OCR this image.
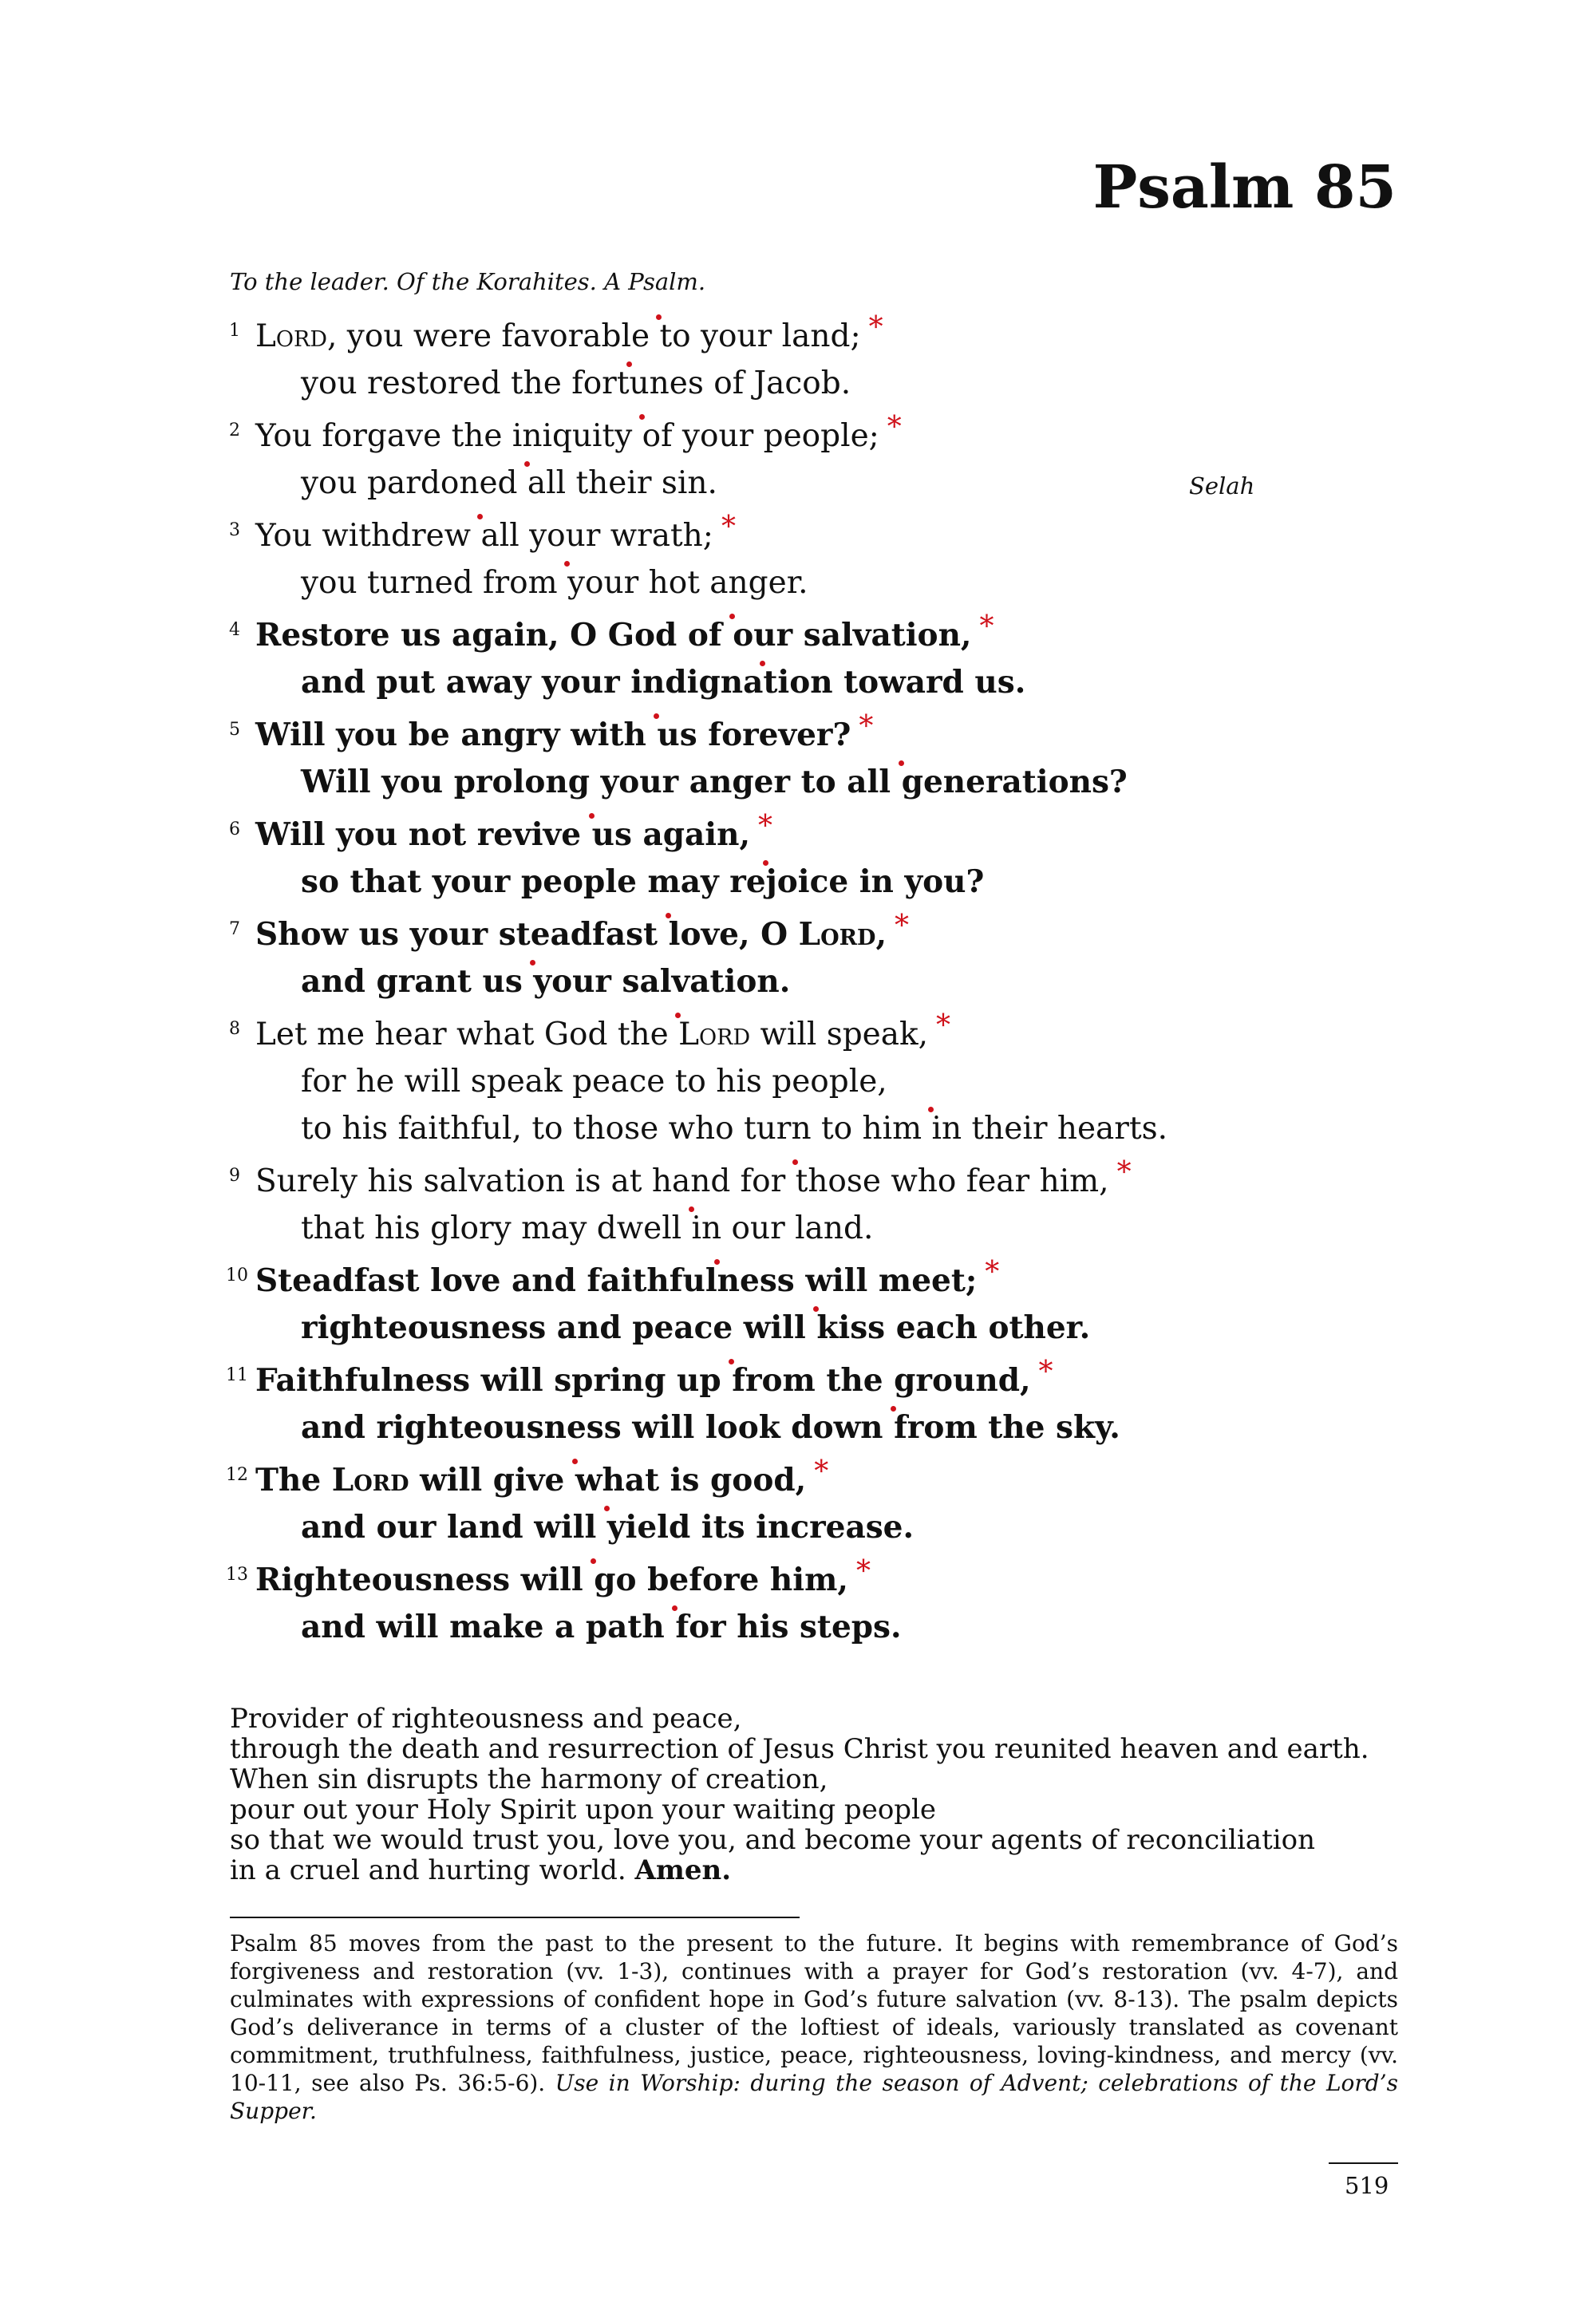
Psalm 85
To the leader. Of the Korahites. A Psalm.
1 Lord, you were favorable to your land; *
you restored the fortunes of Jacob.
2 You forgave the iniquity of your people; *
you pardoned all their sin.	Selah
3 You withdrew all your wrath; *
you turned from your hot anger.
4 Restore us again, O God of our salvation, *
and put away your indignation toward us.
5 Will you be angry with us forever? *
Will you prolong your anger to all generations?
6 Will you not revive us again, *
so that your people may rejoice in you?
7 Show us your steadfast love, O Lord, *
and grant us your salvation.
8 Let me hear what God the Lord will speak, *
for he will speak peace to his people,
to his faithful, to those who turn to him in their hearts.
9 Surely his salvation is at hand for those who fear him, *
that his glory may dwell in our land.
10 Steadfast love and faithfulness will meet; *
righteousness and peace will kiss each other.
11 Faithfulness will spring up from the ground, *
and righteousness will look down from the sky.
12 The Lord will give what is good, *
and our land will yield its increase.
13 Righteousness will go before him, *
and will make a path for his steps.
Provider of righteousness and peace,
through the death and resurrection of Jesus Christ you reunited heaven and earth.
When sin disrupts the harmony of creation,
pour out your Holy Spirit upon your waiting people
so that we would trust you, love you, and become your agents of reconciliation
in a cruel and hurting world. Amen.
Psalm 85 moves from the past to the present to the future. It begins with remembrance of God’s forgiveness and restoration (vv. 1-3), continues with a prayer for God’s restoration (vv. 4-7), and culminates with expressions of confident hope in God’s future salvation (vv. 8-13). The psalm depicts God’s deliverance in terms of a cluster of the loftiest of ideals, variously translated as covenant commitment, truthfulness, faithfulness, justice, peace, righteousness, loving-kindness, and mercy (vv. 10-11, see also Ps. 36:5-6). Use in Worship: during the season of Advent; celebrations of the Lord’s Supper.
519
